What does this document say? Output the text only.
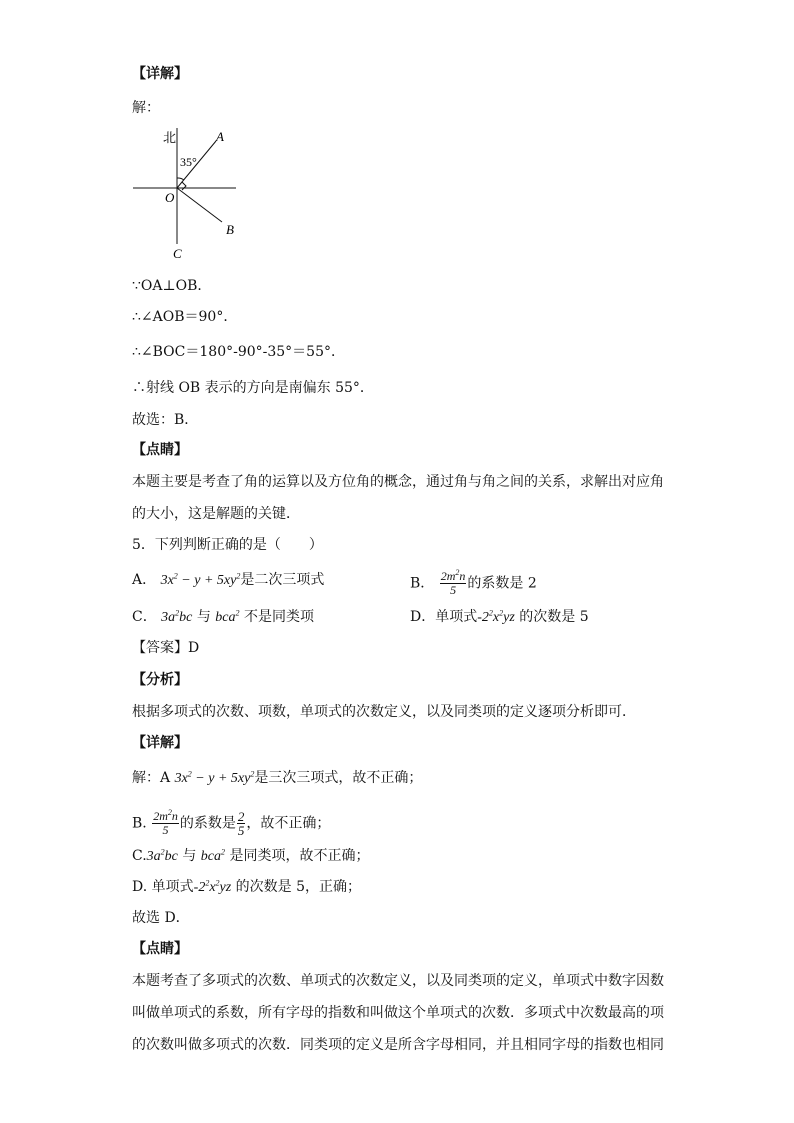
【详解】
解：
北
35°
A
O
B
C
∵OA⊥OB．
∴∠AOB＝90°．
∴∠BOC＝180°-90°-35°＝55°．
∴射线 OB 表示的方向是南偏东 55°．
故选：B．
【点睛】
本题主要是考查了角的运算以及方位角的概念，通过角与角之间的关系，求解出对应角
的大小，这是解题的关键．
5．下列判断正确的是（　　）
A． $3x^2 - y + 5xy^2$是二次三项式	B． $\frac{2m^2n}{5}$ 的系数是 2
C． $3a^2bc$ 与 bca$^2$ 不是同类项	D．单项式$-2^2x^2yz$ 的次数是 5
【答案】D
【分析】
根据多项式的次数、项数，单项式的次数定义，以及同类项的定义逐项分析即可．
【详解】
解：A $3x^2 - y + 5xy^2$是三次三项式，故不正确；
B. $\frac{2m^2n}{5}$ 的系数是 $\frac{2}{5}$ ，故不正确；
$C.3a^2bc$ 与 bca$^2$ 是同类项，故不正确；
D. 单项式$-2^2x^2yz$ 的次数是 5，正确；
故选 D．
【点睛】
本题考查了多项式的次数、单项式的次数定义，以及同类项的定义，单项式中数字因数
叫做单项式的系数，所有字母的指数和叫做这个单项式的次数．多项式中次数最高的项
的次数叫做多项式的次数．同类项的定义是所含字母相同，并且相同字母的指数也相同
